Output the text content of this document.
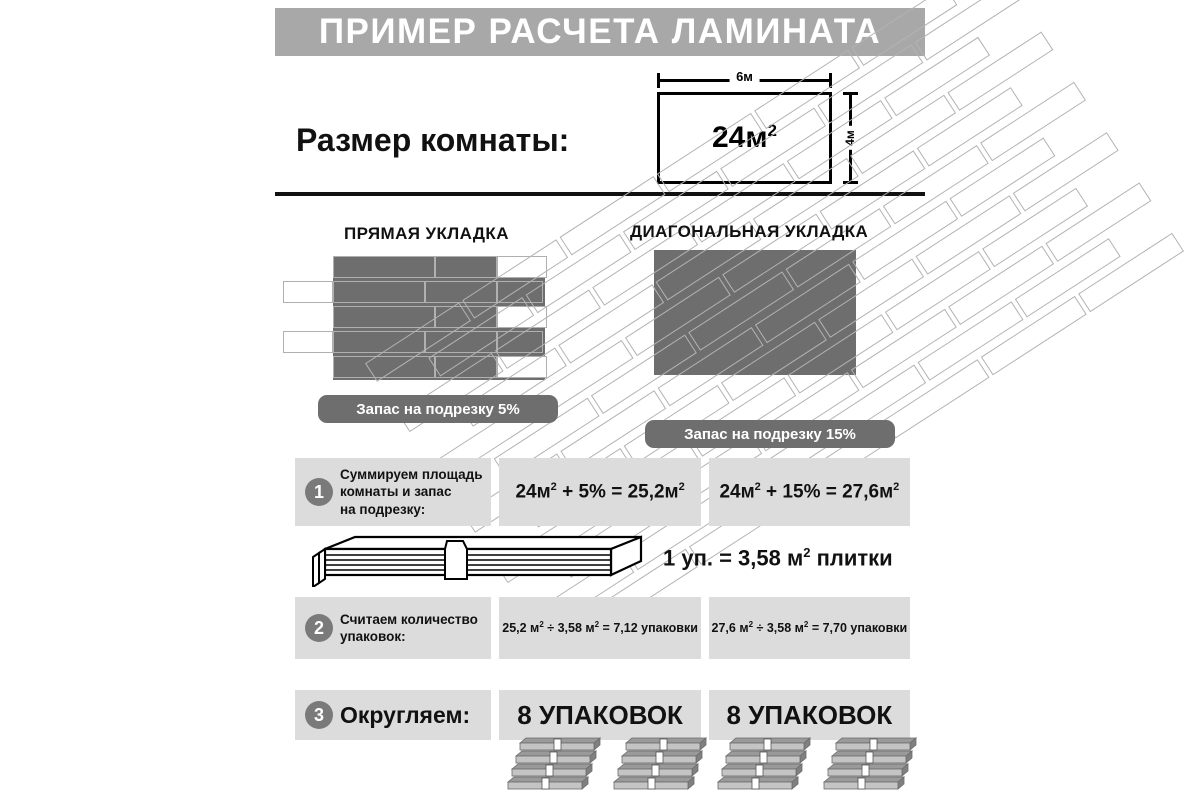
ПРИМЕР РАСЧЕТА ЛАМИНАТА
Размер комнаты:
6м
$24м^2$	4м
ПРЯМАЯ УКЛАДКА
Запас на подрезку 5%
ДИАГОНАЛЬНАЯ УКЛАДКА
Запас на подрезку 15%
1
Суммируем площадь
комнаты и запас
на подрезку:
$24м^2 + 5\% = 25,2м^2$ $24м^2 + 15\% = 27,6м^2$
1 уп. = 3,58 $м^2$ плитки
2	Считаем количество
упаковок:
25,2 $м^2 \div 3,58$ $м^2 = 7,12$ упаковки 27,6 $м^2 \div 3,58$ $м^2 = 7,70$ упаковки
3 Округляем:	8 УПАКОВОК	8 УПАКОВОК
